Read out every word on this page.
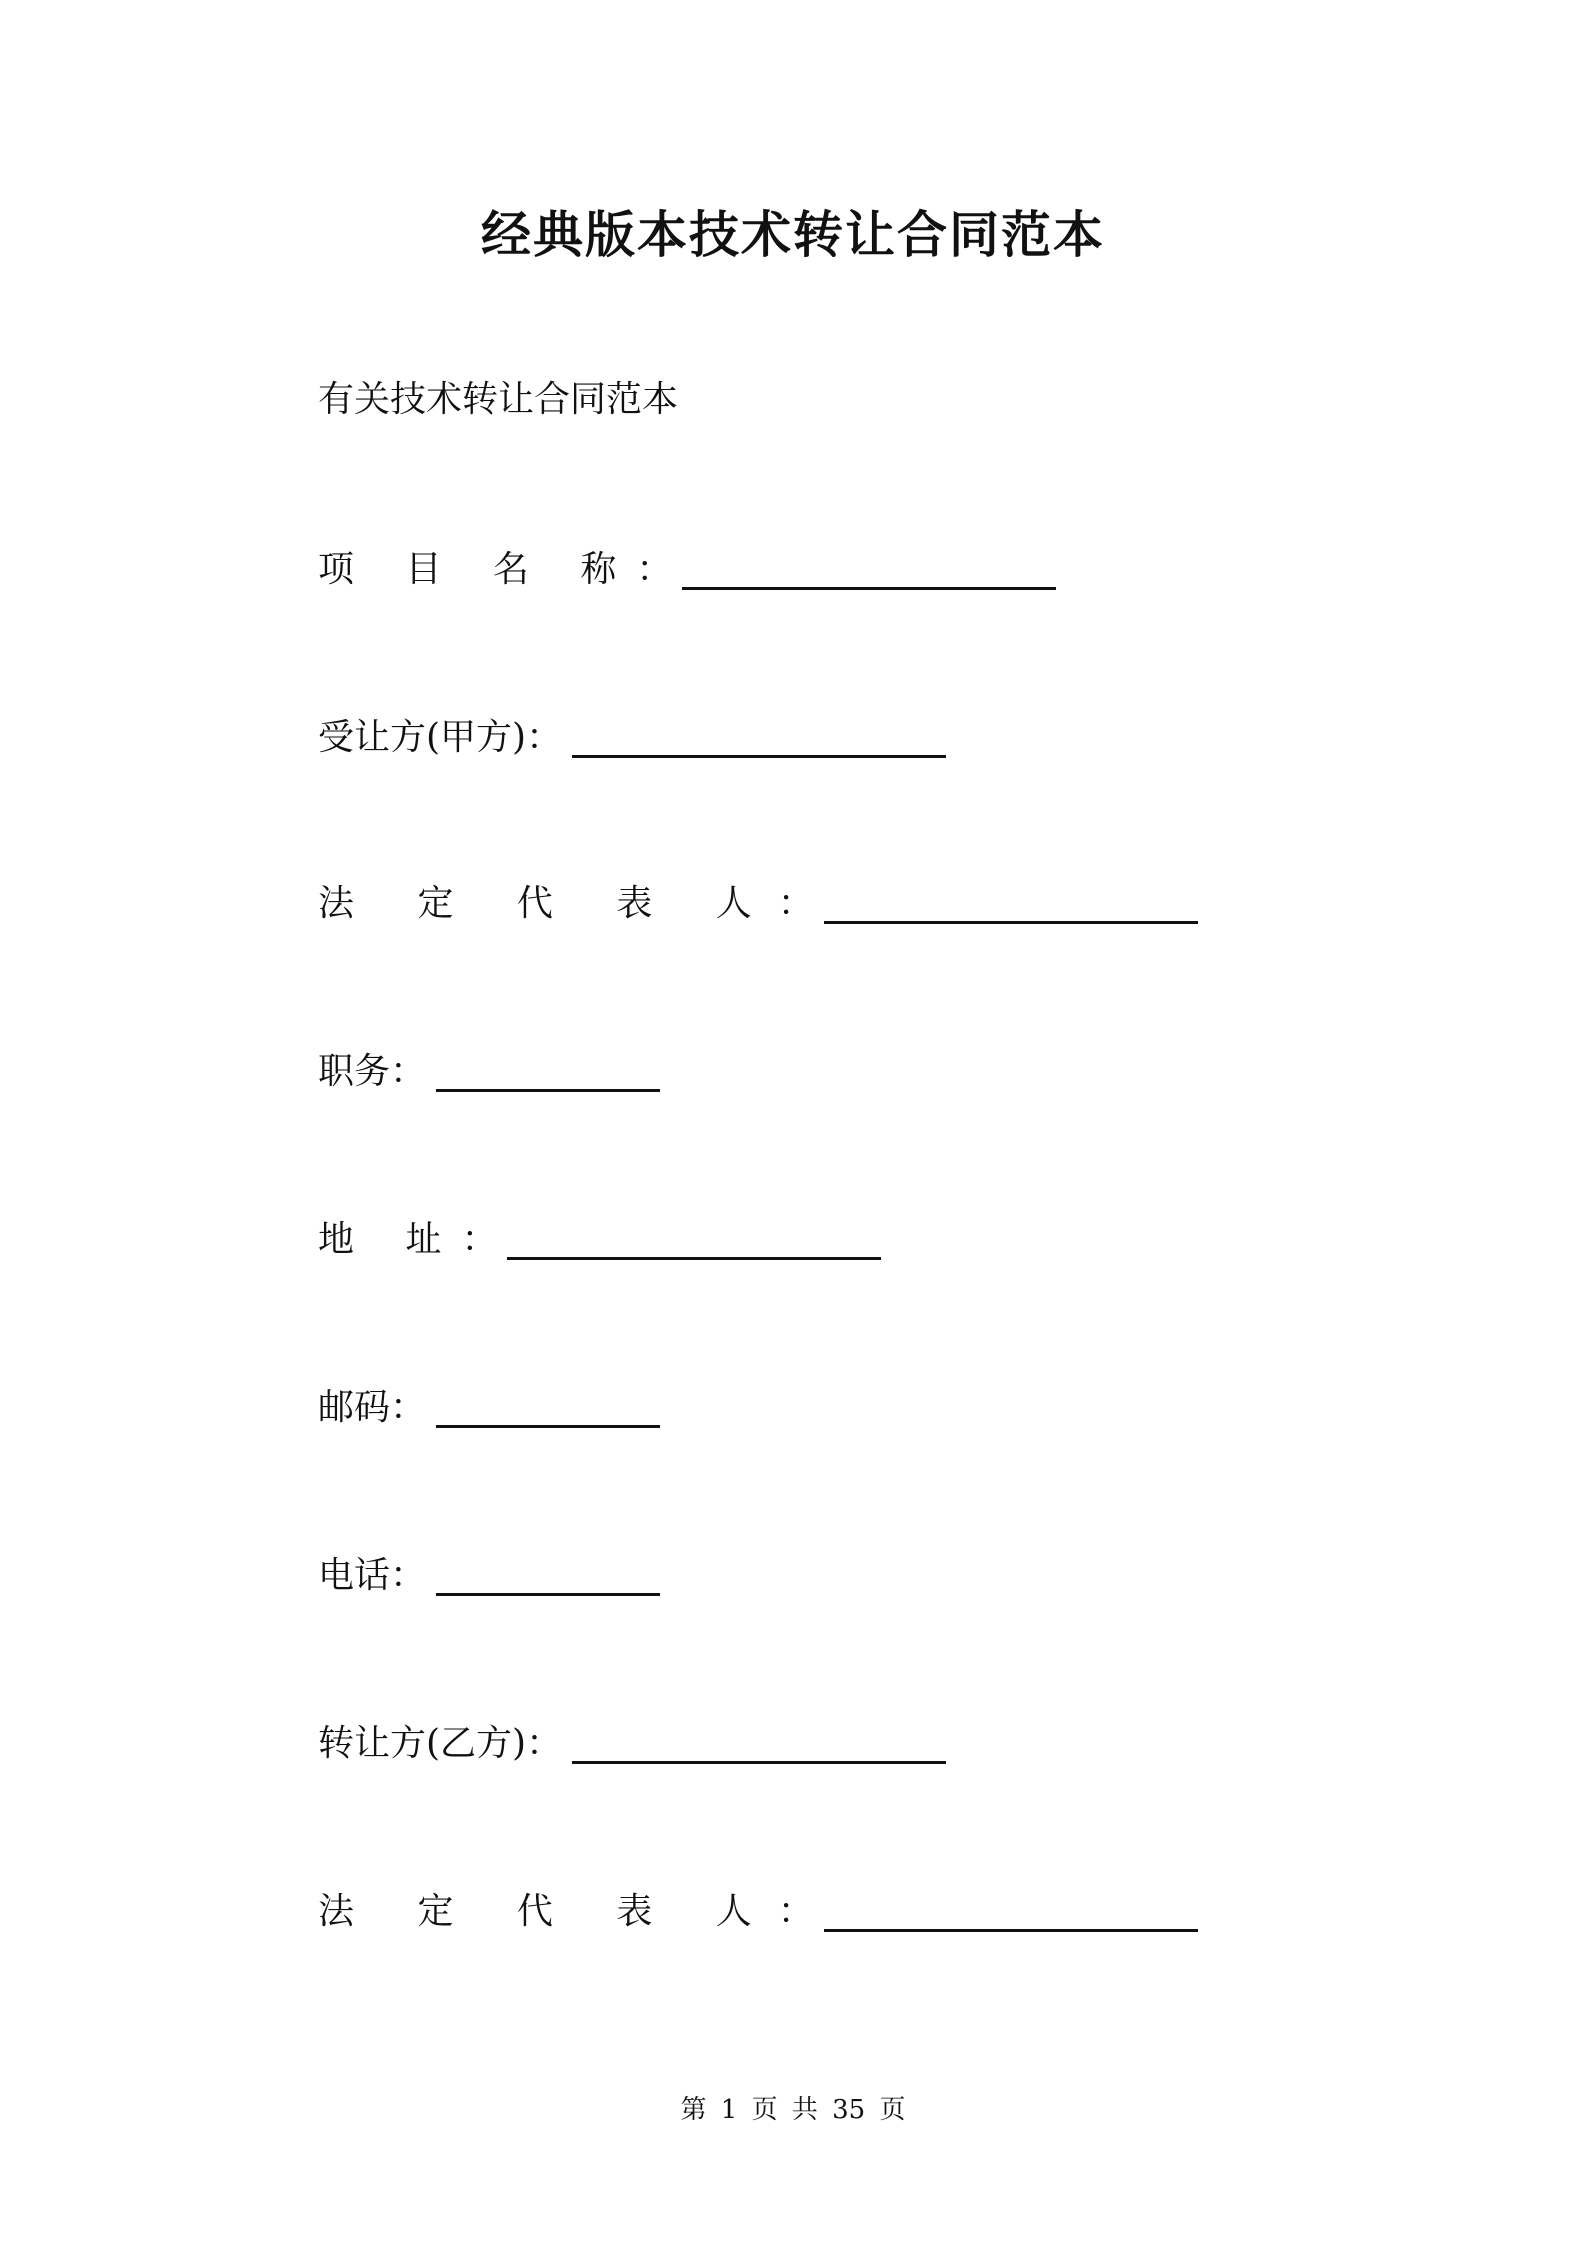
经典版本技术转让合同范本
有关技术转让合同范本
项 目 名 称 ：
受让方(甲方) ：
法 定 代 表 人 ：
职务 ：
地 址 ：
邮码 ：
电话 ：
转让方(乙方) ：
法 定 代 表 人 ：
第 1 页 共 35 页
